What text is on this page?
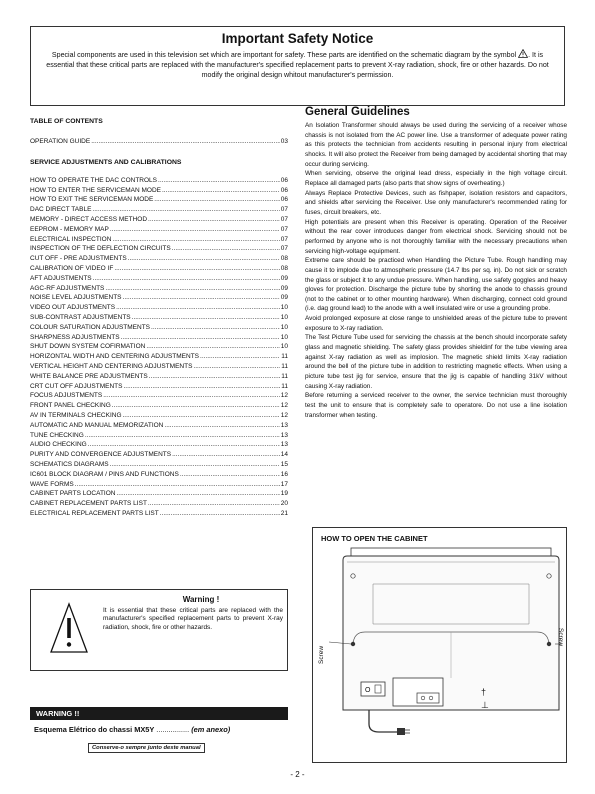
Important Safety Notice

Special components are used in this television set which are important for safety. These parts are identified on the schematic diagram by the symbol . It is essential that these critical parts are replaced with the manufacturer's specified replacement parts to prevent X-ray radiation, shock, fire or other hazards. Do not modify the original design whitout manufacturer's permission.

TABLE OF CONTENTS
OPERATION GUIDE .....	03
SERVICE ADJUSTMENTS AND CALIBRATIONS
HOW TO OPERATE THE DAC CONTROLS .....	06
HOW TO ENTER THE SERVICEMAN MODE .....	06
HOW TO EXIT THE SERVICEMAN MODE .....	06
DAC DIRECT TABLE .....	07
MEMORY - DIRECT ACCESS METHOD .....	07
EEPROM - MEMORY MAP .....	07
ELECTRICAL INSPECTION .....	07
INSPECTION OF THE DEFLECTION CIRCUITS .....	07
CUT OFF - PRE ADJUSTMENTS .....	08
CALIBRATION OF VIDEO IF .....	08
AFT ADJUSTMENTS .....	09
AGC-RF ADJUSTMENTS .....	09
NOISE LEVEL ADJUSTMENTS .....	09
VIDEO OUT ADJUSTMENTS .....	10
SUB-CONTRAST ADJUSTMENTS .....	10
COLOUR SATURATION ADJUSTMENTS .....	10
SHARPNESS ADJUSTMENTS .....	10
SHUT DOWN SYSTEM COFIRMATION .....	10
HORIZONTAL WIDTH AND CENTERING ADJUSTMENTS .....	11
VERTICAL HEIGHT AND CENTERING ADJUSTMENTS .....	11
WHITE BALANCE PRE ADJUSTMENTS .....	11
CRT CUT OFF ADJUSTMENTS .....	11
FOCUS ADJUSTMENTS .....	12
FRONT PANEL CHECKING .....	12
AV IN TERMINALS CHECKING .....	12
AUTOMATIC AND MANUAL MEMORIZATION .....	13
TUNE CHECKING .....	13
AUDIO CHECKING .....	13
PURITY AND CONVERGENCE ADJUSTMENTS .....	14
SCHEMATICS DIAGRAMS .....	15
IC601 BLOCK DIAGRAM / PINS AND FUNCTIONS .....	16
WAVE FORMS .....	17
CABINET PARTS LOCATION .....	19
CABINET REPLACEMENT PARTS LIST .....	20
ELECTRICAL REPLACEMENT PARTS LIST .....	21
General Guidelines

An Isolation Transformer should always be used during the servicing of a receiver whose chassis is not isolated from the AC power line. Use a transformer of adequate power rating as this protects the technician from accidents resulting in personal injury from electrical shocks. It will also protect the Receiver from being damaged by accidental shorting that may occur during servicing.

When servicing, observe the original lead dress, especially in the high voltage circuit. Replace all damaged parts (also parts that show signs of overheating.)

Always Replace Protective Devices, such as fishpaper, isolation resistors and capacitors, and shields after servicing the Receiver. Use only manufacturer's recommended rating for fuses, circuit breakers, etc.

High potentials are present when this Receiver is operating. Operation of the Receiver without the rear cover introduces danger from electrical shock. Servicing should not be performed by anyone who is not thoroughly familiar with the necessary precautions when servicing high-voltage equipment.

Extreme care should be practiced when Handling the Picture Tube. Rough handling may cause it to implode due to atmospheric pressure (14.7 lbs per sq. in). Do not sick or scratch the glass or subject it to any undue pressure. When handling, use safety goggles and heavy gloves for protection. Discharge the picture tube by shorting the anode to chassis ground (not to the cabinet or to other mounting hardware). When discharging, connect cold ground (i.e. dag ground lead) to the anode with a well insulated wire or use a grounding probe.

Avoid prolonged exposure at close range to unshielded areas of the picture tube to prevent exposure to X-ray radiation.

The Test Picture Tube used for servicing the chassis at the bench should incorporate safety glass and magnetic shielding. The safety glass provides shieldinf for the tube viewing area against X-ray radiation as well as implosion. The magnetic shield limits X-ray radiation around the bell of the picture tube in addition to restricting magnetic effects. When using a picture tube test jig for service, ensure that the jig is capable of handling 31kV without causing X-ray radiation.

Before returning a serviced receiver to the owner, the service technician must thoroughly test the unit to ensure that is completely safe to operatore. Do not use a line isolation transformer when testing.

HOW TO OPEN THE CABINET
O	†
⊥
Screw
Screw
Warning !
It is essential that these critical parts are replaced with the manufacturer's specified replacement parts to prevent X-ray radiation, shock, fire or other hazards.
WARNING !!
Esquema Elétrico do chassi MX5Y ................ (em anexo)
Conserve-o sempre junto deste manual
- 2 -
